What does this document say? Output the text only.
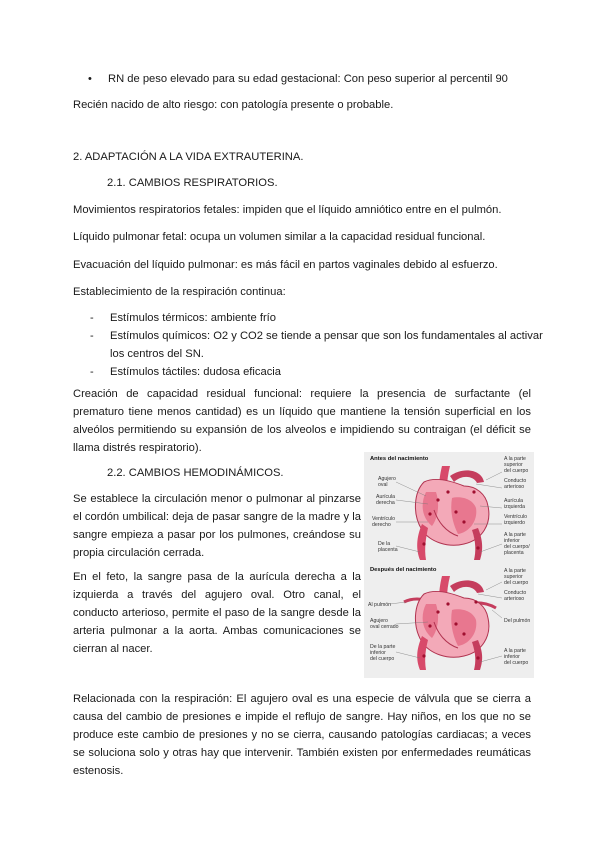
• RN de peso elevado para su edad gestacional: Con peso superior al percentil 90

Recién nacido de alto riesgo: con patología presente o probable.

2. ADAPTACIÓN A LA VIDA EXTRAUTERINA.

2.1. CAMBIOS RESPIRATORIOS.

Movimientos respiratorios fetales: impiden que el líquido amniótico entre en el pulmón.

Líquido pulmonar fetal: ocupa un volumen similar a la capacidad residual funcional.

Evacuación del líquido pulmonar: es más fácil en partos vaginales debido al esfuerzo.

Establecimiento de la respiración continua:

- Estímulos térmicos: ambiente frío

- Estímulos químicos: O2 y CO2 se tiende a pensar que son los fundamentales al activar

los centros del SN.

- Estímulos táctiles: dudosa eficacia

Creación de capacidad residual funcional: requiere la presencia de surfactante (el prematuro tiene menos cantidad) es un líquido que mantiene la tensión superficial en los alveólos permitiendo su expansión de los alveolos e impidiendo su contraigan (el déficit se llama distrés respiratorio).

2.2. CAMBIOS HEMODINÁMICOS.

Se establece la circulación menor o pulmonar al pinzarse el cordón umbilical: deja de pasar sangre de la madre y la sangre empieza a pasar por los pulmones, creándose su propia circulación cerrada.

En el feto, la sangre pasa de la aurícula derecha a la izquierda a través del agujero oval. Otro canal, el conducto arterioso, permite el paso de la sangre desde la arteria pulmonar a la aorta. Ambas comunicaciones se cierran al nacer.

Relacionada con la respiración: El agujero oval es una especie de válvula que se cierra a causa del cambio de presiones e impide el reflujo de sangre. Hay niños, en los que no se produce este cambio de presiones y no se cierra, causando patologías cardiacas; a veces se soluciona solo y otras hay que intervenir. También existen por enfermedades reumáticas estenosis.

Antes del nacimiento
Agujero oval
Aurícula derecha
Ventrículo derecho
De la placenta
A la parte superior del cuerpo
Conducto arterioso
Aurícula izquierda
Ventrículo izquierdo
A la parte inferior del cuerpo/ placenta
Después del nacimiento	A la parte superior del cuerpo
Conducto arterioso
Al pulmón
Del pulmón
Agujero oval cerrado
De la parte inferior del cuerpo
A la parte inferior del cuerpo
